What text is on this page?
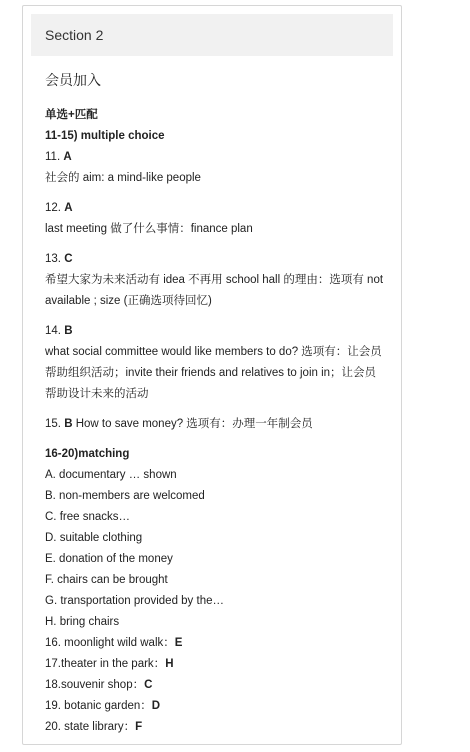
Section 2
会员加入
单选+匹配
11-15) multiple choice
11. A
社会的 aim: a mind-like people
12. A
last meeting 做了什么事情：finance plan
13. C
希望大家为未来活动有 idea 不再用 school hall 的理由：选项有 not available ; size (正确选项待回忆)
14. B
what social committee would like members to do? 选项有：让会员帮助组织活动；invite their friends and relatives to join in；让会员帮助设计未来的活动
15. B How to save money? 选项有：办理一年制会员
16-20)matching
A. documentary … shown
B. non-members are welcomed
C. free snacks…
D. suitable clothing
E. donation of the money
F. chairs can be brought
G. transportation provided by the…
H. bring chairs
16. moonlight wild walk：E
17.theater in the park：H
18.souvenir shop：C
19. botanic garden：D
20. state library：F
